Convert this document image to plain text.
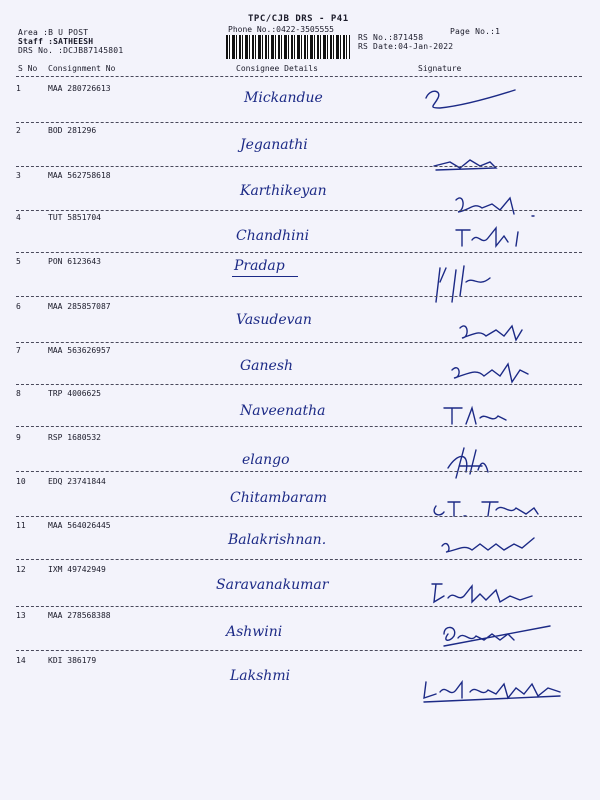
Area :B U POST
Staff :SATHEESH
DRS No. :DCJB87145801
TPC/CJB DRS - P41
Phone No.:0422-3505555
RS No.:871458
RS Date:04-Jan-2022
Page No.:1
S No Consignment No	Consignee Details	Signature
1	MAA 280726613
Mickandue
2	BOD 281296
Jeganathi
3	MAA 562758618
Karthikeyan
4	TUT 5851704
Chandhini
5	PON 6123643	Pradap
6	MAA 285857087
Vasudevan
7	MAA 563626957
Ganesh
8	TRP 4006625
Naveenatha
9	RSP 1680532
elango
10	EDQ 23741844
Chitambaram
11	MAA 564026445
Balakrishnan.
12	IXM 49742949
Saravanakumar
13	MAA 278568388
Ashwini
14	KDI 386179
Lakshmi
